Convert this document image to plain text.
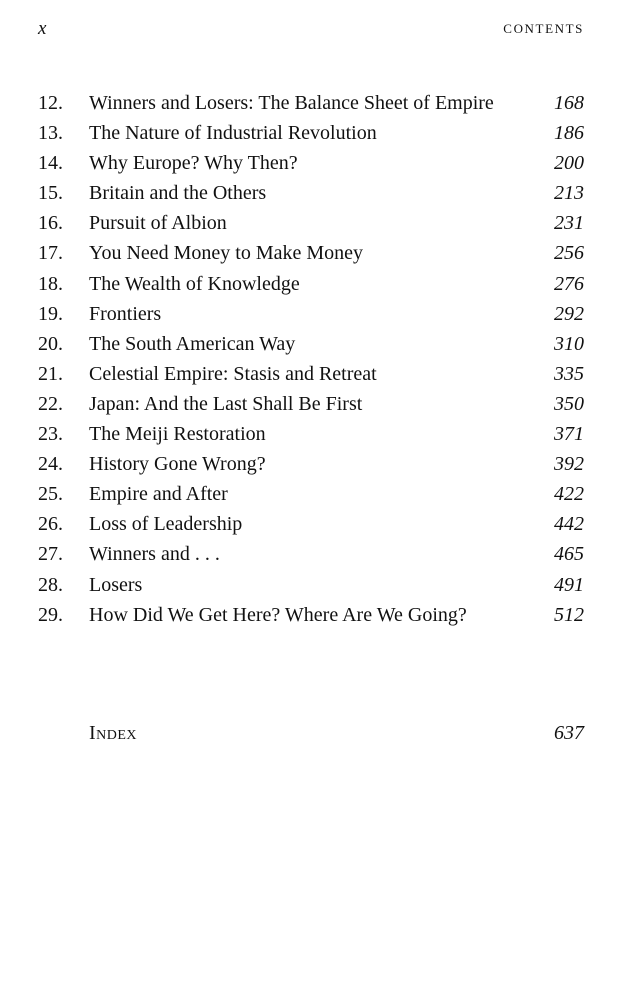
x	CONTENTS
12.	Winners and Losers: The Balance Sheet of Empire	168
13.	The Nature of Industrial Revolution	186
14.	Why Europe? Why Then?	200
15.	Britain and the Others	213
16.	Pursuit of Albion	231
17.	You Need Money to Make Money	256
18.	The Wealth of Knowledge	276
19.	Frontiers	292
20.	The South American Way	310
21.	Celestial Empire: Stasis and Retreat	335
22.	Japan: And the Last Shall Be First	350
23.	The Meiji Restoration	371
24.	History Gone Wrong?	392
25.	Empire and After	422
26.	Loss of Leadership	442
27.	Winners and . . .	465
28.	Losers	491
29.	How Did We Get Here? Where Are We Going?	512
Index	637
